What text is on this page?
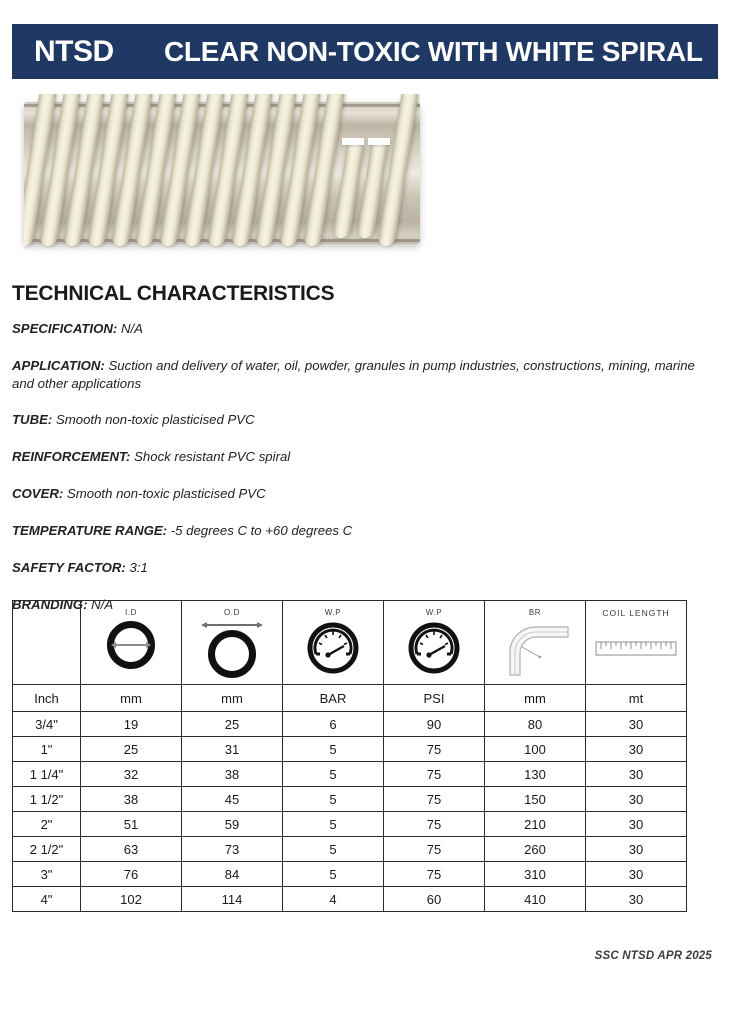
NTSD	CLEAR NON-TOXIC WITH WHITE SPIRAL
TECHNICAL CHARACTERISTICS
SPECIFICATION: N/A
APPLICATION: Suction and delivery of water, oil, powder, granules in pump industries, constructions, mining, marine and other applications
TUBE: Smooth non-toxic plasticised PVC
REINFORCEMENT: Shock resistant PVC spiral
COVER: Smooth non-toxic plasticised PVC
TEMPERATURE RANGE: -5 degrees C to +60 degrees C
SAFETY FACTOR: 3:1
BRANDING: N/A

	I.D	O.D	W.P	W.P	BR	COIL LENGTH

Inch	mm	mm	BAR	PSI	mm	mt
3/4"	19	25	6	90	80	30
1"	25	31	5	75	100	30
1 1/4"	32	38	5	75	130	30
1 1/2"	38	45	5	75	150	30
2"	51	59	5	75	210	30
2 1/2"	63	73	5	75	260	30
3"	76	84	5	75	310	30
4"	102	114	4	60	410	30
SSC NTSD APR 2025
